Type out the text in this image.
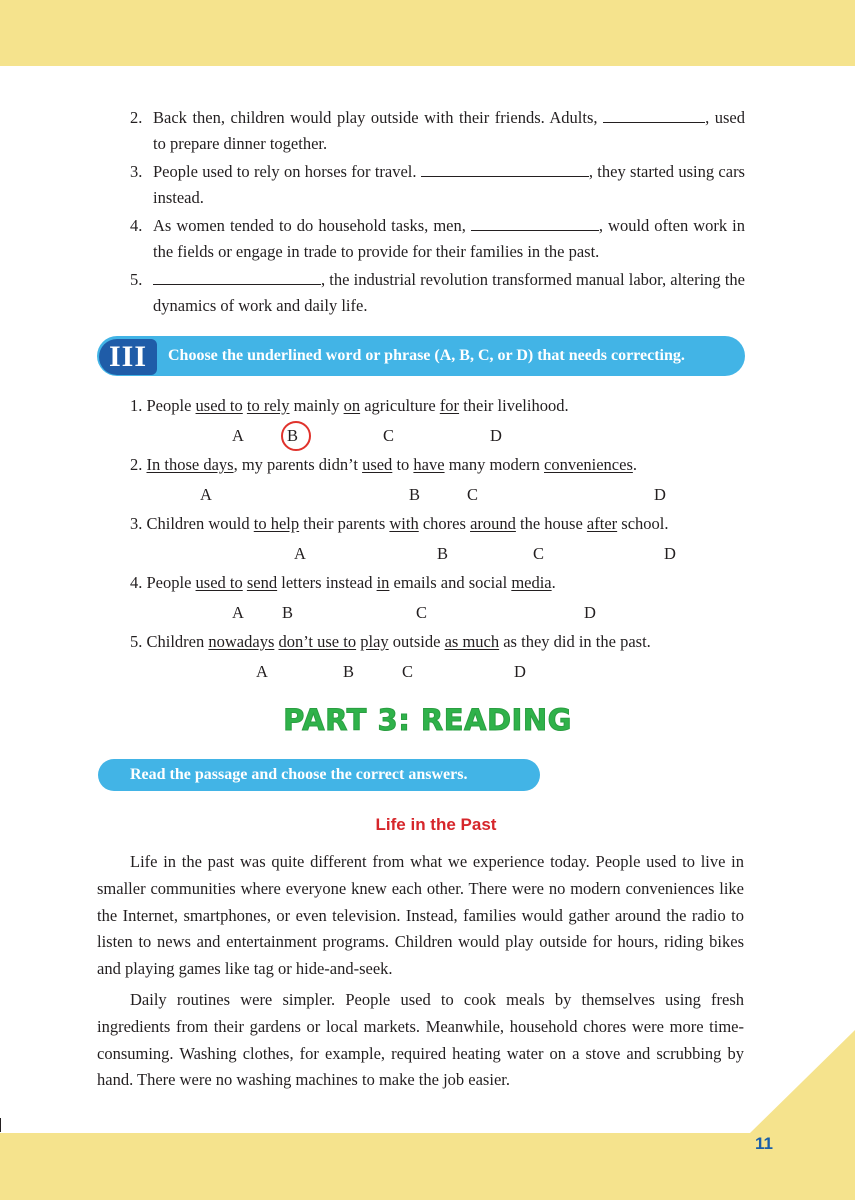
11
2. Back then, children would play outside with their friends. Adults,	, used to prepare dinner together.
3. People used to rely on horses for travel.	, they started using cars instead.
4. As women tended to do household tasks, men,	, would often work in the fields or engage in trade to provide for their families in the past.
5.	, the industrial revolution transformed manual labor, altering the dynamics of work and daily life.
III	Choose the underlined word or phrase (A, B, C, or D) that needs correcting.
1. People used to to rely mainly on agriculture for their livelihood.
A	B	C	D
2. In those days, my parents didn’t used to have many modern conveniences.
A	B	C	D
3. Children would to help their parents with chores around the house after school.
A	B	C	D
4. People used to send letters instead in emails and social media.
A B	C	D
5. Children nowadays don’t use to play outside as much as they did in the past.
A	B	C	D
PART 3: READING
Read the passage and choose the correct answers.
Life in the Past

Life in the past was quite different from what we experience today. People used to live in smaller communities where everyone knew each other. There were no modern conveniences like the Internet, smartphones, or even television. Instead, families would gather around the radio to listen to news and entertainment programs. Children would play outside for hours, riding bikes and playing games like tag or hide-and-seek.

Daily routines were simpler. People used to cook meals by themselves using fresh ingredients from their gardens or local markets. Meanwhile, household chores were more time-consuming. Washing clothes, for example, required heating water on a stove and scrubbing by hand. There were no washing machines to make the job easier.
